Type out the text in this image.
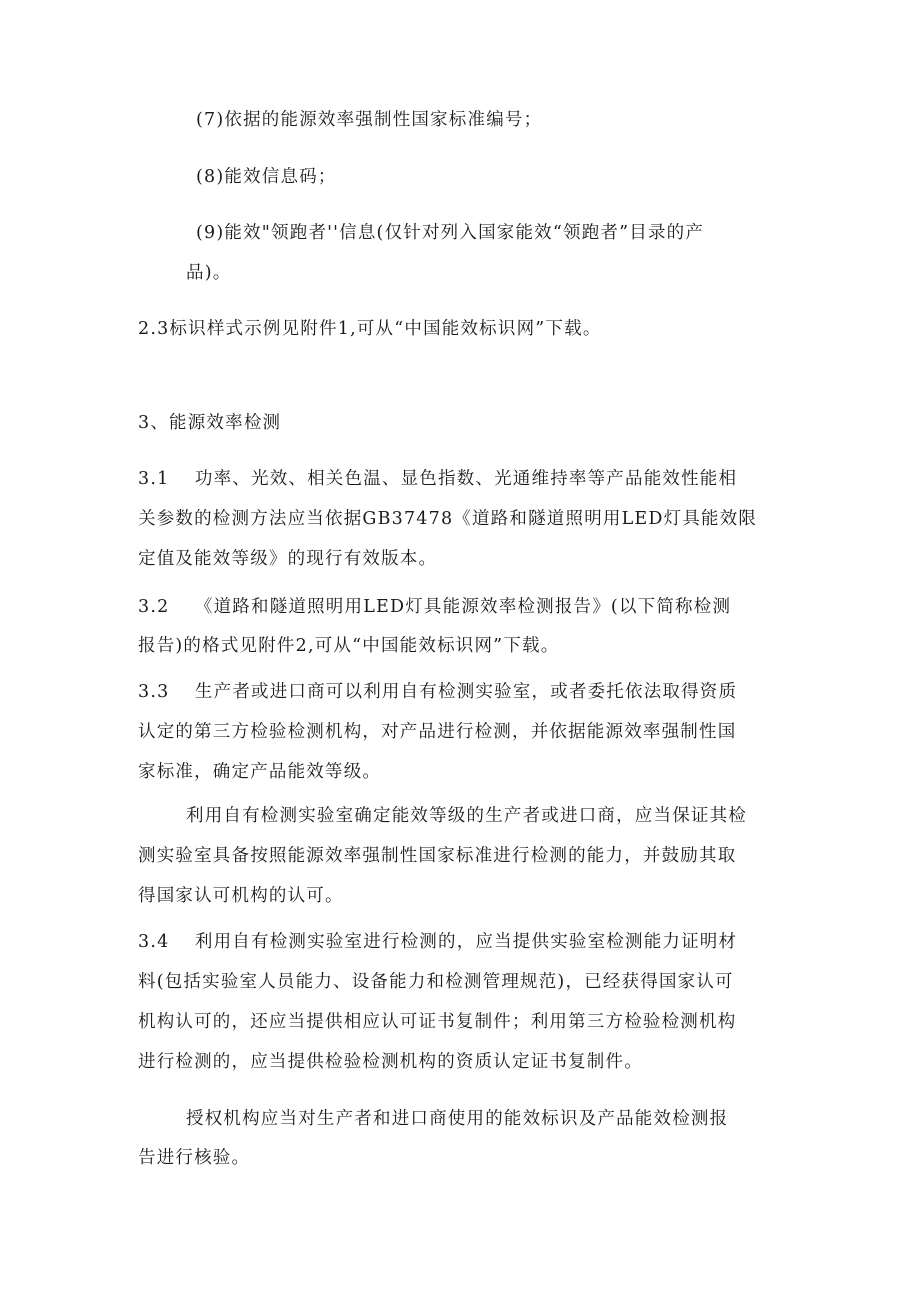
(7)依据的能源效率强制性国家标准编号；
(8)能效信息码；
(9)能效"领跑者''信息(仅针对列入国家能效“领跑者”目录的产
品)。
2.3标识样式示例见附件1,可从“中国能效标识网”下载。
3、能源效率检测
3.1　 功率、光效、相关色温、显色指数、光通维持率等产品能效性能相
关参数的检测方法应当依据GB37478《道路和隧道照明用LED灯具能效限
定值及能效等级》的现行有效版本。
3.2　 《道路和隧道照明用LED灯具能源效率检测报告》(以下简称检测
报告)的格式见附件2,可从“中国能效标识网”下载。
3.3　 生产者或进口商可以利用自有检测实验室，或者委托依法取得资质
认定的第三方检验检测机构，对产品进行检测，并依据能源效率强制性国
家标准，确定产品能效等级。
利用自有检测实验室确定能效等级的生产者或进口商，应当保证其检
测实验室具备按照能源效率强制性国家标准进行检测的能力，并鼓励其取
得国家认可机构的认可。
3.4　 利用自有检测实验室进行检测的，应当提供实验室检测能力证明材
料(包括实验室人员能力、设备能力和检测管理规范)，已经获得国家认可
机构认可的，还应当提供相应认可证书复制件；利用第三方检验检测机构
进行检测的，应当提供检验检测机构的资质认定证书复制件。
授权机构应当对生产者和进口商使用的能效标识及产品能效检测报
告进行核验。
